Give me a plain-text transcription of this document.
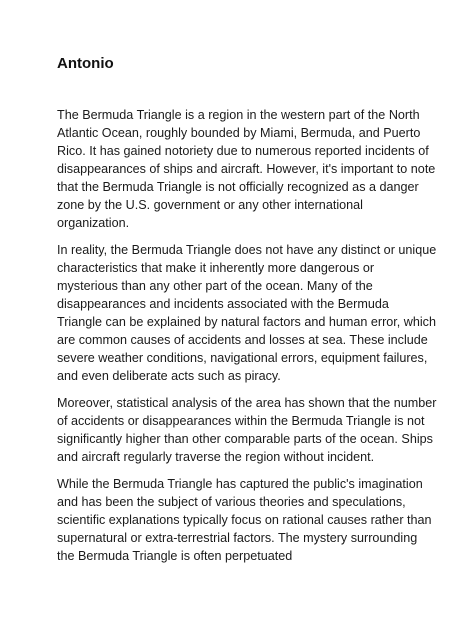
Antonio

The Bermuda Triangle is a region in the western part of the North Atlantic Ocean, roughly bounded by Miami, Bermuda, and Puerto Rico. It has gained notoriety due to numerous reported incidents of disappearances of ships and aircraft. However, it's important to note that the Bermuda Triangle is not officially recognized as a danger zone by the U.S. government or any other international organization.

In reality, the Bermuda Triangle does not have any distinct or unique characteristics that make it inherently more dangerous or mysterious than any other part of the ocean. Many of the disappearances and incidents associated with the Bermuda Triangle can be explained by natural factors and human error, which are common causes of accidents and losses at sea. These include severe weather conditions, navigational errors, equipment failures, and even deliberate acts such as piracy.

Moreover, statistical analysis of the area has shown that the number of accidents or disappearances within the Bermuda Triangle is not significantly higher than other comparable parts of the ocean. Ships and aircraft regularly traverse the region without incident.

While the Bermuda Triangle has captured the public's imagination and has been the subject of various theories and speculations, scientific explanations typically focus on rational causes rather than supernatural or extra-terrestrial factors. The mystery surrounding the Bermuda Triangle is often perpetuated
